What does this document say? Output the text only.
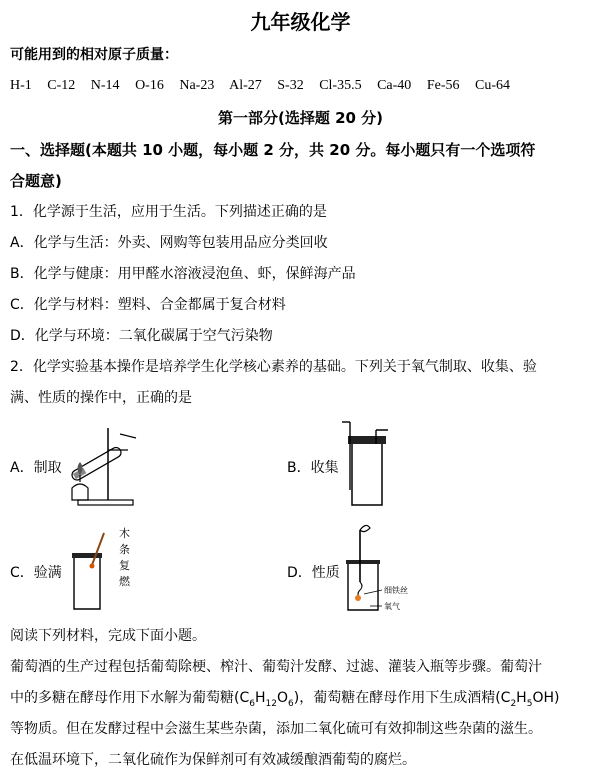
九年级化学
可能用到的相对原子质量：
H-1 C-12 N-14 O-16 Na-23 Al-27 S-32 Cl-35.5 Ca-40 Fe-56 Cu-64
第一部分(选择题 20 分)
一、选择题(本题共 10 小题，每小题 2 分，共 20 分。每小题只有一个选项符
合题意)
1．化学源于生活，应用于生活。下列描述正确的是
A．化学与生活：外卖、网购等包装用品应分类回收
B．化学与健康：用甲醛水溶液浸泡鱼、虾，保鲜海产品
C．化学与材料：塑料、合金都属于复合材料
D．化学与环境：二氧化碳属于空气污染物
2．化学实验基本操作是培养学生化学核心素养的基础。下列关于氧气制取、收集、验
满、性质的操作中，正确的是
A．制取	B．收集
C．验满
木
条
复
燃
D．性质
细铁丝
氧气
阅读下列材料，完成下面小题。
葡萄酒的生产过程包括葡萄除梗、榨汁、葡萄汁发酵、过滤、灌装入瓶等步骤。葡萄汁
中的多糖在酵母作用下水解为葡萄糖$(C_6H_{12}O_6)$，葡萄糖在酵母作用下生成酒精$(C_2H_5OH)$
等物质。但在发酵过程中会滋生某些杂菌，添加二氧化硫可有效抑制这些杂菌的滋生。
在低温环境下，二氧化硫作为保鲜剂可有效减缓酿酒葡萄的腐烂。
